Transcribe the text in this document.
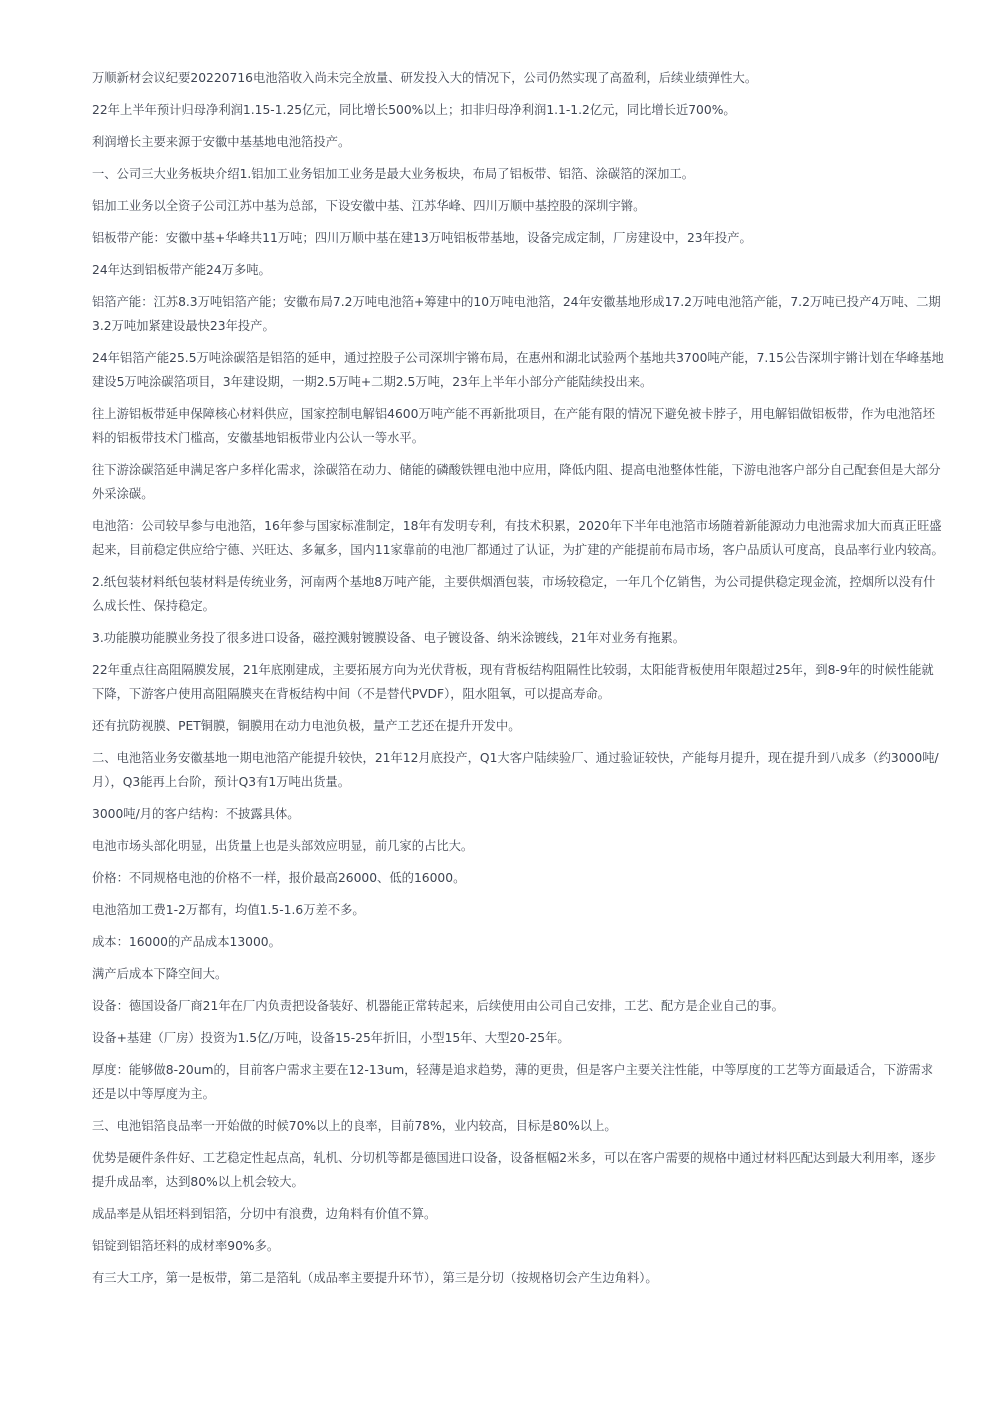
万顺新材会议纪要20220716电池箔收入尚未完全放量、研发投入大的情况下，公司仍然实现了高盈利，后续业绩弹性大。

22年上半年预计归母净利润1.15-1.25亿元，同比增长500%以上；扣非归母净利润1.1-1.2亿元，同比增长近700%。

利润增长主要来源于安徽中基基地电池箔投产。

一、公司三大业务板块介绍1.铝加工业务铝加工业务是最大业务板块，布局了铝板带、铝箔、涂碳箔的深加工。

铝加工业务以全资子公司江苏中基为总部，下设安徽中基、江苏华峰、四川万顺中基控股的深圳宇锵。

铝板带产能：安徽中基+华峰共11万吨；四川万顺中基在建13万吨铝板带基地，设备完成定制，厂房建设中，23年投产。

24年达到铝板带产能24万多吨。

铝箔产能：江苏8.3万吨铝箔产能；安徽布局7.2万吨电池箔+筹建中的10万吨电池箔，24年安徽基地形成17.2万吨电池箔产能，7.2万吨已投产4万吨、二期3.2万吨加紧建设最快23年投产。

24年铝箔产能25.5万吨涂碳箔是铝箔的延申，通过控股子公司深圳宇锵布局，在惠州和湖北试验两个基地共3700吨产能，7.15公告深圳宇锵计划在华峰基地建设5万吨涂碳箔项目，3年建设期，一期2.5万吨+二期2.5万吨，23年上半年小部分产能陆续投出来。

往上游铝板带延申保障核心材料供应，国家控制电解铝4600万吨产能不再新批项目，在产能有限的情况下避免被卡脖子，用电解铝做铝板带，作为电池箔坯料的铝板带技术门槛高，安徽基地铝板带业内公认一等水平。

往下游涂碳箔延申满足客户多样化需求，涂碳箔在动力、储能的磷酸铁锂电池中应用，降低内阻、提高电池整体性能，下游电池客户部分自己配套但是大部分外采涂碳。

电池箔：公司较早参与电池箔，16年参与国家标准制定，18年有发明专利，有技术积累，2020年下半年电池箔市场随着新能源动力电池需求加大而真正旺盛起来，目前稳定供应给宁德、兴旺达、多氟多，国内11家靠前的电池厂都通过了认证，为扩建的产能提前布局市场，客户品质认可度高，良品率行业内较高。

2.纸包装材料纸包装材料是传统业务，河南两个基地8万吨产能，主要供烟酒包装，市场较稳定，一年几个亿销售，为公司提供稳定现金流，控烟所以没有什么成长性、保持稳定。

3.功能膜功能膜业务投了很多进口设备，磁控溅射镀膜设备、电子镀设备、纳米涂镀线，21年对业务有拖累。

22年重点往高阻隔膜发展，21年底刚建成，主要拓展方向为光伏背板，现有背板结构阻隔性比较弱，太阳能背板使用年限超过25年，到8-9年的时候性能就下降，下游客户使用高阻隔膜夹在背板结构中间（不是替代PVDF），阻水阻氧，可以提高寿命。

还有抗防视膜、PET铜膜，铜膜用在动力电池负极，量产工艺还在提升开发中。

二、电池箔业务安徽基地一期电池箔产能提升较快，21年12月底投产，Q1大客户陆续验厂、通过验证较快，产能每月提升，现在提升到八成多（约3000吨/月），Q3能再上台阶，预计Q3有1万吨出货量。

3000吨/月的客户结构：不披露具体。

电池市场头部化明显，出货量上也是头部效应明显，前几家的占比大。

价格：不同规格电池的价格不一样，报价最高26000、低的16000。

电池箔加工费1-2万都有，均值1.5-1.6万差不多。

成本：16000的产品成本13000。

满产后成本下降空间大。

设备：德国设备厂商21年在厂内负责把设备装好、机器能正常转起来，后续使用由公司自己安排，工艺、配方是企业自己的事。

设备+基建（厂房）投资为1.5亿/万吨，设备15-25年折旧，小型15年、大型20-25年。

厚度：能够做8-20um的，目前客户需求主要在12-13um，轻薄是追求趋势，薄的更贵，但是客户主要关注性能，中等厚度的工艺等方面最适合，下游需求还是以中等厚度为主。

三、电池铝箔良品率一开始做的时候70%以上的良率，目前78%，业内较高，目标是80%以上。

优势是硬件条件好、工艺稳定性起点高，轧机、分切机等都是德国进口设备，设备框幅2米多，可以在客户需要的规格中通过材料匹配达到最大利用率，逐步提升成品率，达到80%以上机会较大。

成品率是从铝坯料到铝箔，分切中有浪费，边角料有价值不算。

铝锭到铝箔坯料的成材率90%多。

有三大工序，第一是板带，第二是箔轧（成品率主要提升环节），第三是分切（按规格切会产生边角料）。
